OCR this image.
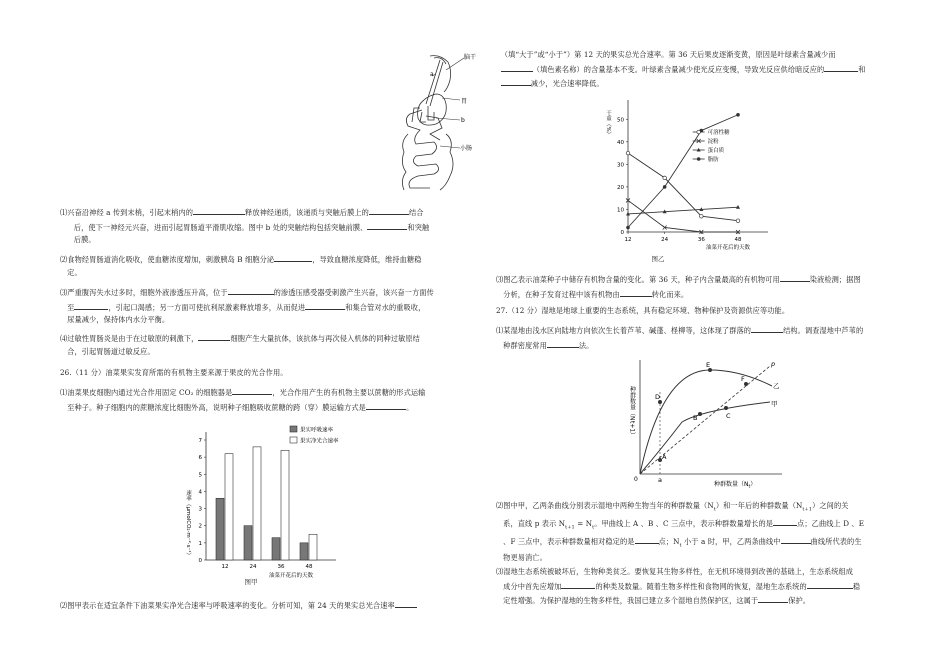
脑干
a
胃
b
小肠
⑴兴奋沿神经 a 传到末梢，引起末梢内的	释放神经递质，该递质与突触后膜上的	结合
后，使下一神经元兴奋，进而引起胃肠道平滑肌收缩。图中 b 处的突触结构包括突触前膜、	和突触
后膜。
⑵食物经胃肠道消化吸收，使血糖浓度增加，刺激胰岛 B 细胞分泌	，导致血糖浓度降低，维持血糖稳
定。
⑶严重腹泻失水过多时，细胞外液渗透压升高，位于	的渗透压感受器受刺激产生兴奋，该兴奋一方面传
至	，引起口渴感；另一方面可使抗利尿激素释放增多，从而促进	和集合管对水的重吸收，
尿量减少，保持体内水分平衡。
⑷过敏性胃肠炎是由于在过敏原的刺激下，	细胞产生大量抗体，该抗体与再次侵入机体的同种过敏原结
合，引起胃肠道过敏反应。
26.（11 分）油菜果实发育所需的有机物主要来源于果皮的光合作用。
⑴油菜果皮细胞内通过光合作用固定 CO₂ 的细胞器是	，光合作用产生的有机物主要以蔗糖的形式运输
至种子。种子细胞内的蔗糖浓度比细胞外高，说明种子细胞吸收蔗糖的跨（穿）膜运输方式是	。
0
1
2
3
4
5
6
7
12	24	36	48
油菜开花后的天数
速率（μmolCO₂·m⁻²·s⁻¹）
果实呼吸速率
果实净光合速率
图甲
⑵图甲表示在适宜条件下油菜果实净光合速率与呼吸速率的变化。分析可知，第 24 天的果实总光合速率
（填“大于”或“小于”）第 12 天的果实总光合速率。第 36 天后果皮逐渐变黄，原因是叶绿素含量减少而
（填色素名称）的含量基本不变。叶绿素含量减少使光反应变慢，导致光反应供给暗反应的	和
减少，光合速率降低。
0
10
20
30
40
50
12	24	36	48
油菜开花后的天数
干重（%）	可溶性糖
淀粉
蛋白质
脂肪
图乙
⑶图乙表示油菜种子中储存有机物含量的变化。第 36 天，种子内含量最高的有机物可用	染液检测；据图
分析，在种子发育过程中该有机物由	转化而来。
27.（12 分）湿地是地球上重要的生态系统，具有稳定环境、物种保护及资源供应等功能。
⑴某湿地由浅水区向陆地方向依次生长着芦苇、碱蓬、柽柳等，这体现了群落的	结构。调查湿地中芦苇的
种群密度常用	法。
A
B	C
D
E
F
p
乙
甲
a
0
种群数量$(N_t)$
种群数量（N t+1 ）
⑵图中甲，乙两条曲线分别表示湿地中两种生物当年的种群数量$(N_t)$和一年后的种群数量$(N_{t+1})$之间的关
系，直线 p 表示 $N_{t+1} = N_t$。甲曲线上 A 、B 、C 三点中，表示种群数量增长的是	点；乙曲线上 D 、E
、F 三点中，表示种群数量相对稳定的是	点；$N_t$ 小于 a 时，甲，乙两条曲线中	曲线所代表的生
物更易消亡。
⑶湿地生态系统被破坏后，生物种类贫乏。要恢复其生物多样性，在无机环境得到改善的基础上，生态系统组成
成分中首先应增加	的种类及数量。随着生物多样性和食物网的恢复，湿地生态系统的	稳
定性增强。为保护湿地的生物多样性，我国已建立多个湿地自然保护区，这属于	保护。
